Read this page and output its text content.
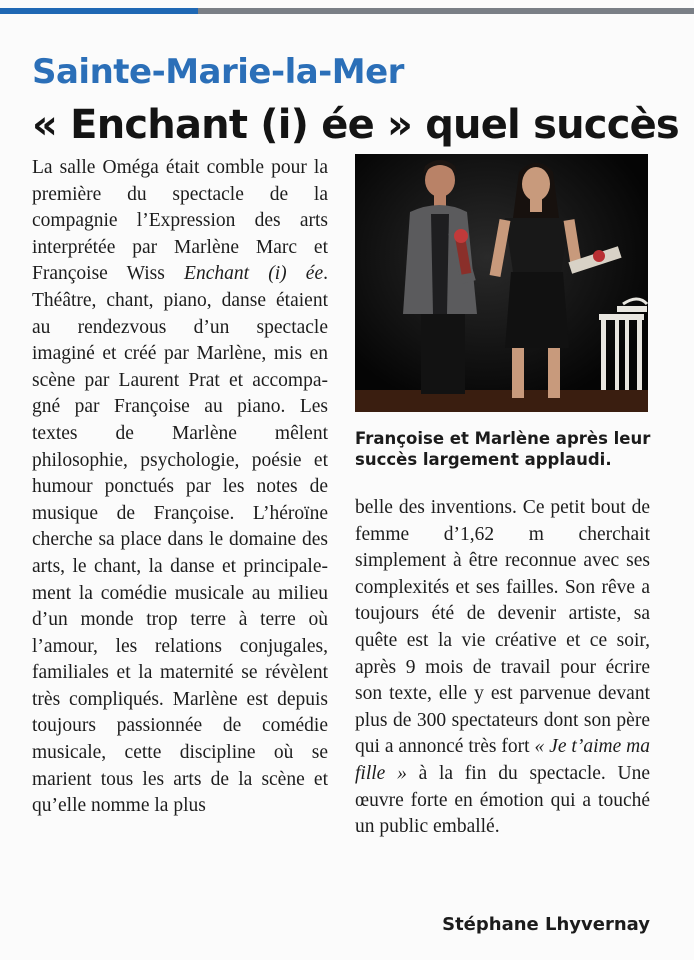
Sainte-Marie-la-Mer
« Enchant (i) ée » quel succès

La salle Oméga était comble pour la première du spectacle de la compagnie l’Expression des arts interprétée par Marlène Marc et Françoise Wiss Enchant (i) ée. Théâtre, chant, piano, danse étaient au rendezvous d’un spectacle imaginé et créé par Marlène, mis en scène par Laurent Prat et accompagné par Françoise au piano. Les textes de Marlène mêlent philosophie, psychologie, poésie et humour ponctués par les notes de musique de Françoise. L’héroïne cherche sa place dans le domaine des arts, le chant, la danse et principalement la comédie musicale au milieu d’un monde trop terre à terre où l’amour, les relations conjugales, familiales et la maternité se révèlent très compliqués. Marlène est depuis toujours passionnée de comédie musicale, cette discipline où se marient tous les arts de la scène et qu’elle nomme la plus

Françoise et Marlène après leur succès largement applaudi.

belle des inventions. Ce petit bout de femme d’1,62 m cherchait simplement à être reconnue avec ses complexités et ses failles. Son rêve a toujours été de devenir artiste, sa quête est la vie créative et ce soir, après 9 mois de travail pour écrire son texte, elle y est parvenue devant plus de 300 spectateurs dont son père qui a annoncé très fort « Je t’aime ma fille » à la fin du spectacle. Une œuvre forte en émotion qui a touché un public emballé.

Stéphane Lhyvernay
